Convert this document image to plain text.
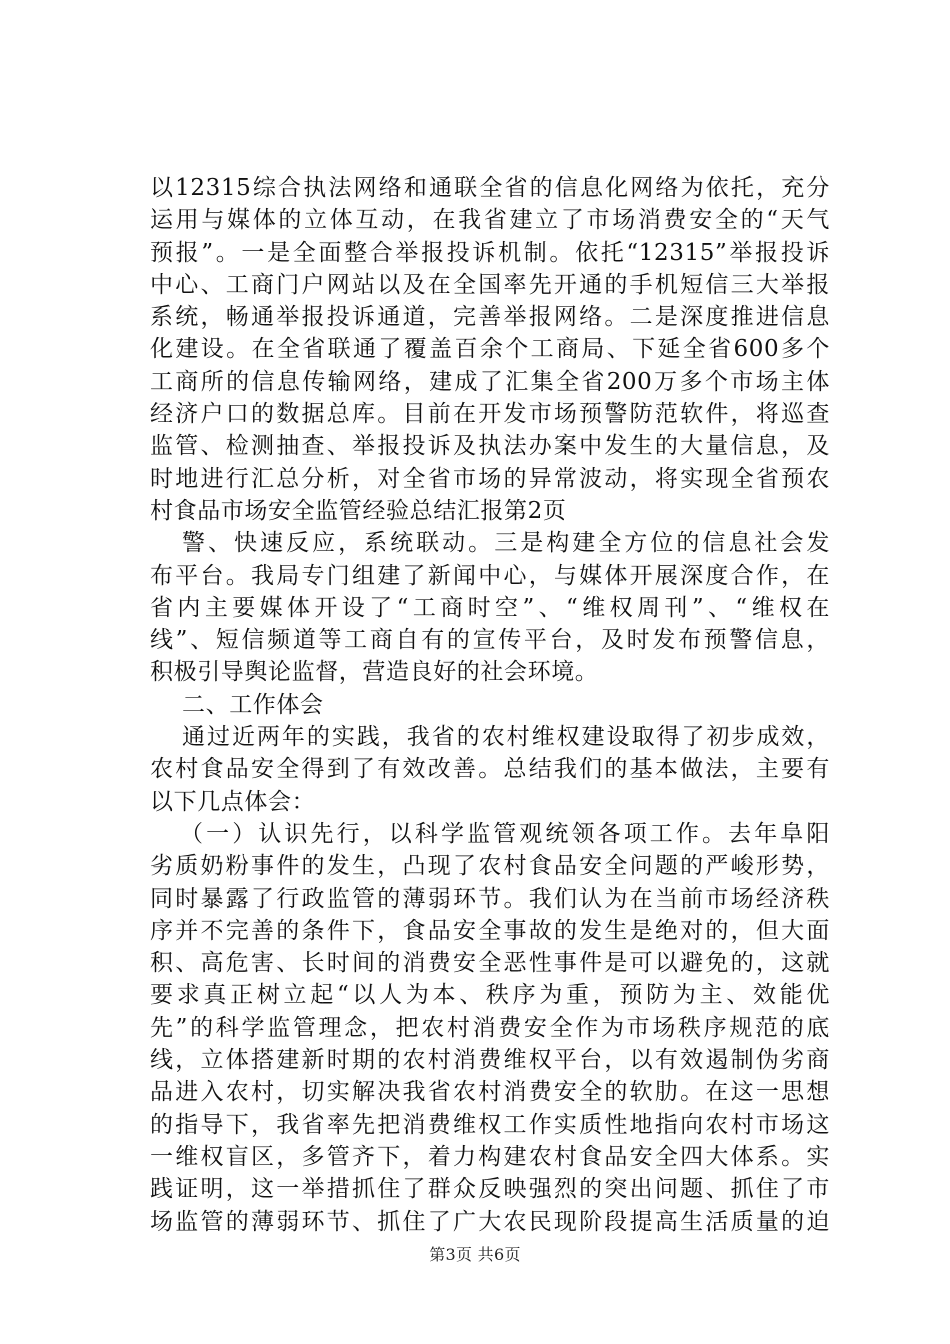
以12315综合执法网络和通联全省的信息化网络为依托，充分
运用与媒体的立体互动，在我省建立了市场消费安全的“天气
预报”。一是全面整合举报投诉机制。依托“12315”举报投诉
中心、工商门户网站以及在全国率先开通的手机短信三大举报
系统，畅通举报投诉通道，完善举报网络。二是深度推进信息
化建设。在全省联通了覆盖百余个工商局、下延全省600多个
工商所的信息传输网络，建成了汇集全省200万多个市场主体
经济户口的数据总库。目前在开发市场预警防范软件，将巡查
监管、检测抽查、举报投诉及执法办案中发生的大量信息，及
时地进行汇总分析，对全省市场的异常波动，将实现全省预农
村食品市场安全监管经验总结汇报第2页
警、快速反应，系统联动。三是构建全方位的信息社会发
布平台。我局专门组建了新闻中心，与媒体开展深度合作，在
省内主要媒体开设了“工商时空”、“维权周刊”、“维权在
线”、短信频道等工商自有的宣传平台，及时发布预警信息，
积极引导舆论监督，营造良好的社会环境。
二、工作体会
通过近两年的实践，我省的农村维权建设取得了初步成效，
农村食品安全得到了有效改善。总结我们的基本做法，主要有
以下几点体会：
（一）认识先行，以科学监管观统领各项工作。去年阜阳
劣质奶粉事件的发生，凸现了农村食品安全问题的严峻形势，
同时暴露了行政监管的薄弱环节。我们认为在当前市场经济秩
序并不完善的条件下，食品安全事故的发生是绝对的，但大面
积、高危害、长时间的消费安全恶性事件是可以避免的，这就
要求真正树立起“以人为本、秩序为重，预防为主、效能优
先”的科学监管理念，把农村消费安全作为市场秩序规范的底
线，立体搭建新时期的农村消费维权平台，以有效遏制伪劣商
品进入农村，切实解决我省农村消费安全的软肋。在这一思想
的指导下，我省率先把消费维权工作实质性地指向农村市场这
一维权盲区，多管齐下，着力构建农村食品安全四大体系。实
践证明，这一举措抓住了群众反映强烈的突出问题、抓住了市
场监管的薄弱环节、抓住了广大农民现阶段提高生活质量的迫
第3页 共6页
